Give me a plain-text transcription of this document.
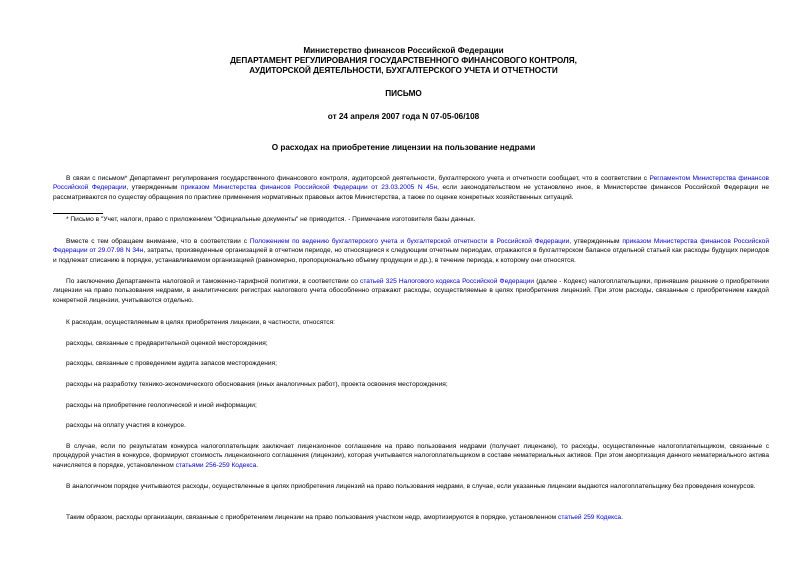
Министерство финансов Российской Федерации
ДЕПАРТАМЕНТ РЕГУЛИРОВАНИЯ ГОСУДАРСТВЕННОГО ФИНАНСОВОГО КОНТРОЛЯ,
АУДИТОРСКОЙ ДЕЯТЕЛЬНОСТИ, БУХГАЛТЕРСКОГО УЧЕТА И ОТЧЕТНОСТИ
ПИСЬМО
от 24 апреля 2007 года N 07-05-06/108
О расходах на приобретение лицензии на пользование недрами

В связи с письмом* Департамент регулирования государственного финансового контроля, аудиторской деятельности, бухгалтерского учета и отчетности сообщает, что в соответствии с Регламентом Министерства финансов Российской Федерации, утвержденным приказом Министерства финансов Российской Федерации от 23.03.2005 N 45н, если законодательством не установлено иное, в Министерстве финансов Российской Федерации не рассматриваются по существу обращения по практике применения нормативных правовых актов Министерства, а также по оценке конкретных хозяйственных ситуаций.

* Письмо в "Учет, налоги, право с приложением "Официальные документы" не приводится. - Примечание изготовителя базы данных.

Вместе с тем обращаем внимание, что в соответствии с Положением по ведению бухгалтерского учета и бухгалтерской отчетности в Российской Федерации, утвержденным приказом Министерства финансов Российской Федерации от 29.07.98 N 34н, затраты, произведенные организацией в отчетном периоде, но относящиеся к следующим отчетным периодам, отражаются в бухгалтерском балансе отдельной статьей как расходы будущих периодов и подлежат списанию в порядке, устанавливаемом организацией (равномерно, пропорционально объему продукции и др.), в течение периода, к которому они относятся.

По заключению Департамента налоговой и таможенно-тарифной политики, в соответствии со статьей 325 Налогового кодекса Российской Федерации (далее - Кодекс) налогоплательщики, принявшие решение о приобретении лицензии на право пользования недрами, в аналитических регистрах налогового учета обособленно отражают расходы, осуществляемые в целях приобретения лицензий. При этом расходы, связанные с приобретением каждой конкретной лицензии, учитываются отдельно.

К расходам, осуществляемым в целях приобретения лицензии, в частности, относятся:

расходы, связанные с предварительной оценкой месторождения;

расходы, связанные с проведением аудита запасов месторождения;

расходы на разработку технико-экономического обоснования (иных аналогичных работ), проекта освоения месторождения;

расходы на приобретение геологической и иной информации;

расходы на оплату участия в конкурсе.

В случае, если по результатам конкурса налогоплательщик заключает лицензионное соглашение на право пользования недрами (получает лицензию), то расходы, осуществленные налогоплательщиком, связанные с процедурой участия в конкурсе, формируют стоимость лицензионного соглашения (лицензии), которая учитывается налогоплательщиком в составе нематериальных активов. При этом амортизация данного нематериального актива начисляется в порядке, установленном статьями 256-259 Кодекса.

В аналогичном порядке учитываются расходы, осуществленные в целях приобретения лицензий на право пользования недрами, в случае, если указанные лицензии выдаются налогоплательщику без проведения конкурсов.

Таким образом, расходы организации, связанные с приобретением лицензии на право пользования участком недр, амортизируются в порядке, установленном статьей 259 Кодекса.
